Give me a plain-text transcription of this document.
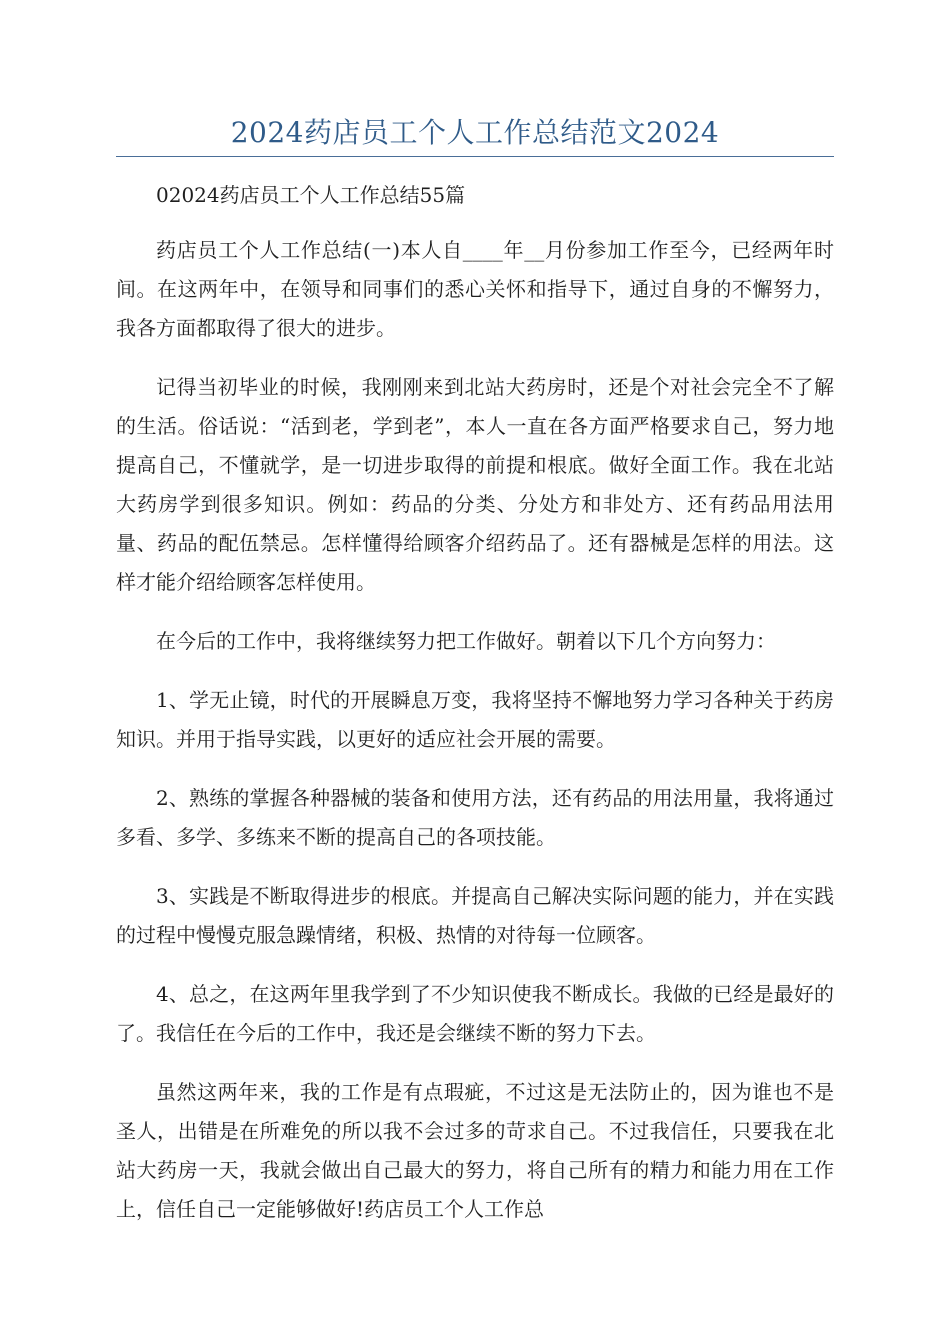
2024药店员工个人工作总结范文2024

02024药店员工个人工作总结55篇

药店员工个人工作总结(一)本人自____年__月份参加工作至今，已经两年时间。在这两年中，在领导和同事们的悉心关怀和指导下，通过自身的不懈努力，我各方面都取得了很大的进步。

记得当初毕业的时候，我刚刚来到北站大药房时，还是个对社会完全不了解的生活。俗话说：“活到老，学到老”，本人一直在各方面严格要求自己，努力地提高自己，不懂就学，是一切进步取得的前提和根底。做好全面工作。我在北站大药房学到很多知识。例如：药品的分类、分处方和非处方、还有药品用法用量、药品的配伍禁忌。怎样懂得给顾客介绍药品了。还有器械是怎样的用法。这样才能介绍给顾客怎样使用。

在今后的工作中，我将继续努力把工作做好。朝着以下几个方向努力：

1、学无止镜，时代的开展瞬息万变，我将坚持不懈地努力学习各种关于药房知识。并用于指导实践，以更好的适应社会开展的需要。

2、熟练的掌握各种器械的装备和使用方法，还有药品的用法用量，我将通过多看、多学、多练来不断的提高自己的各项技能。

3、实践是不断取得进步的根底。并提高自己解决实际问题的能力，并在实践的过程中慢慢克服急躁情绪，积极、热情的对待每一位顾客。

4、总之，在这两年里我学到了不少知识使我不断成长。我做的已经是最好的了。我信任在今后的工作中，我还是会继续不断的努力下去。

虽然这两年来，我的工作是有点瑕疵，不过这是无法防止的，因为谁也不是圣人，出错是在所难免的所以我不会过多的苛求自己。不过我信任，只要我在北站大药房一天，我就会做出自己最大的努力，将自己所有的精力和能力用在工作上，信任自己一定能够做好!药店员工个人工作总
